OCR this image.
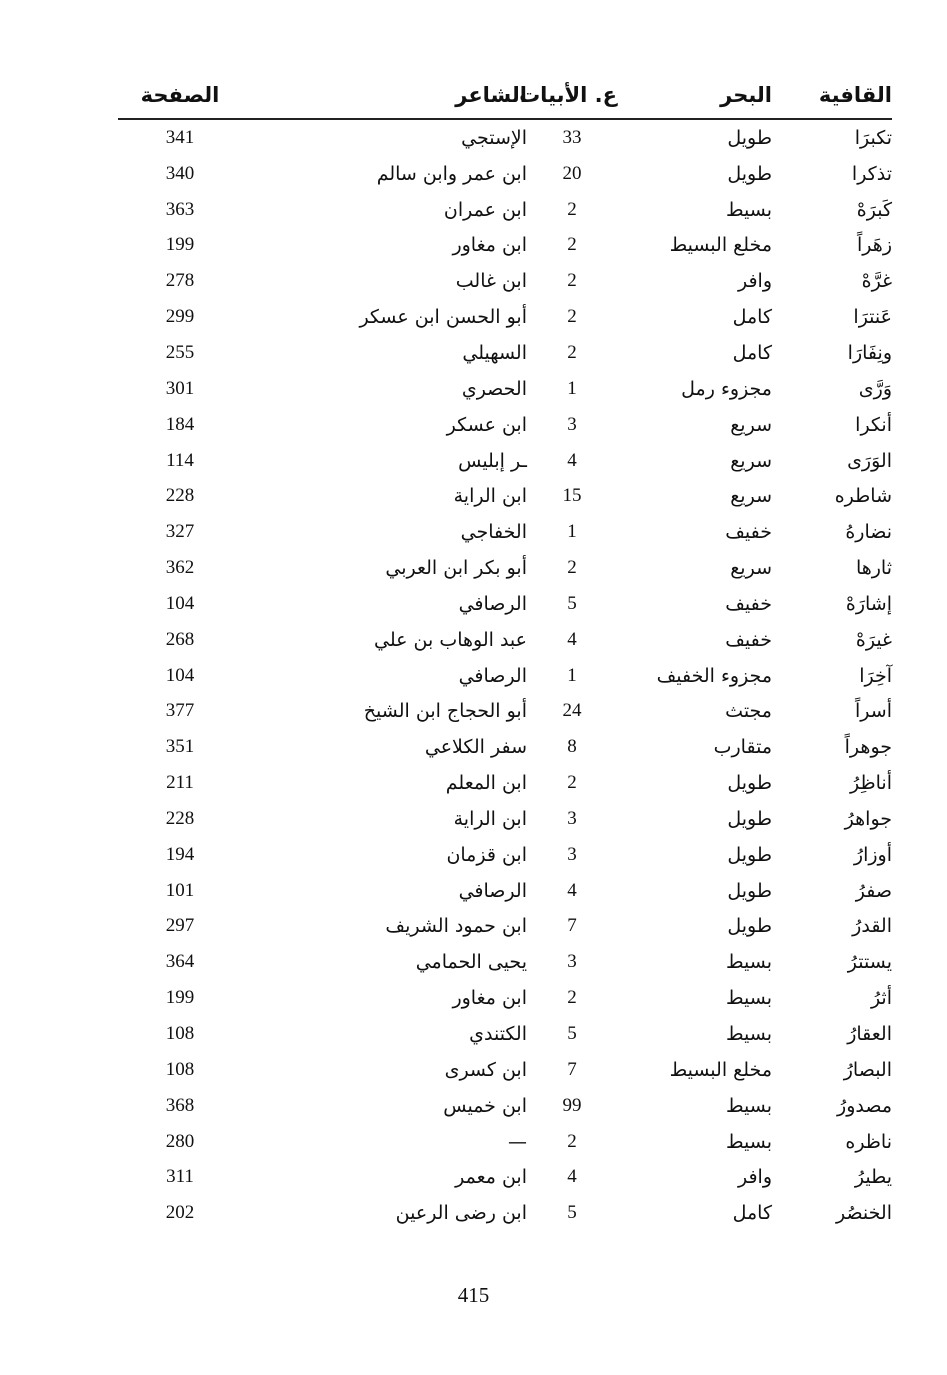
القافية	البحر	ع. الأبيات	الشاعر	الصفحة
تكبرَا	طويل	33	الإستجي	341
تذكرا	طويل	20	ابن عمر وابن سالم	340
كَبرَهْ	بسيط	2	ابن عمران	363
زهَراً	مخلع البسيط	2	ابن مغاور	199
غرَّهْ	وافر	2	ابن غالب	278
عَنترَا	كامل	2	أبو الحسن ابن عسكر	299
ونِفَارَا	كامل	2	السهيلي	255
وَرَّى	مجزوء رمل	1	الحصري	301
أنكرا	سريع	3	ابن عسكر	184
الوَرَى	سريع	4	ـر إبليس	114
شاطره	سريع	15	ابن الراية	228
نضارهُ	خفيف	1	الخفاجي	327
ثارها	سريع	2	أبو بكر ابن العربي	362
إشارَهْ	خفيف	5	الرصافي	104
غيرَهْ	خفيف	4	عبد الوهاب بن علي	268
آخِرَا	مجزوء الخفيف	1	الرصافي	104
أسراً	مجتث	24	أبو الحجاج ابن الشيخ	377
جوهراً	متقارب	8	سفر الكلاعي	351
أناظِرُ	طويل	2	ابن المعلم	211
جواهرُ	طويل	3	ابن الراية	228
أوزارُ	طويل	3	ابن قزمان	194
صفرُ	طويل	4	الرصافي	101
القدرُ	طويل	7	ابن حمود الشريف	297
يستترُ	بسيط	3	يحيى الحمامي	364
أثرُ	بسيط	2	ابن مغاور	199
العقارُ	بسيط	5	الكتندي	108
البصارُ	مخلع البسيط	7	ابن كسرى	108
مصدورُ	بسيط	99	ابن خميس	368
ناظره	بسيط	2	—	280
يطيرُ	وافر	4	ابن معمر	311
الخنصُر	كامل	5	ابن رضى الرعين	202
415
